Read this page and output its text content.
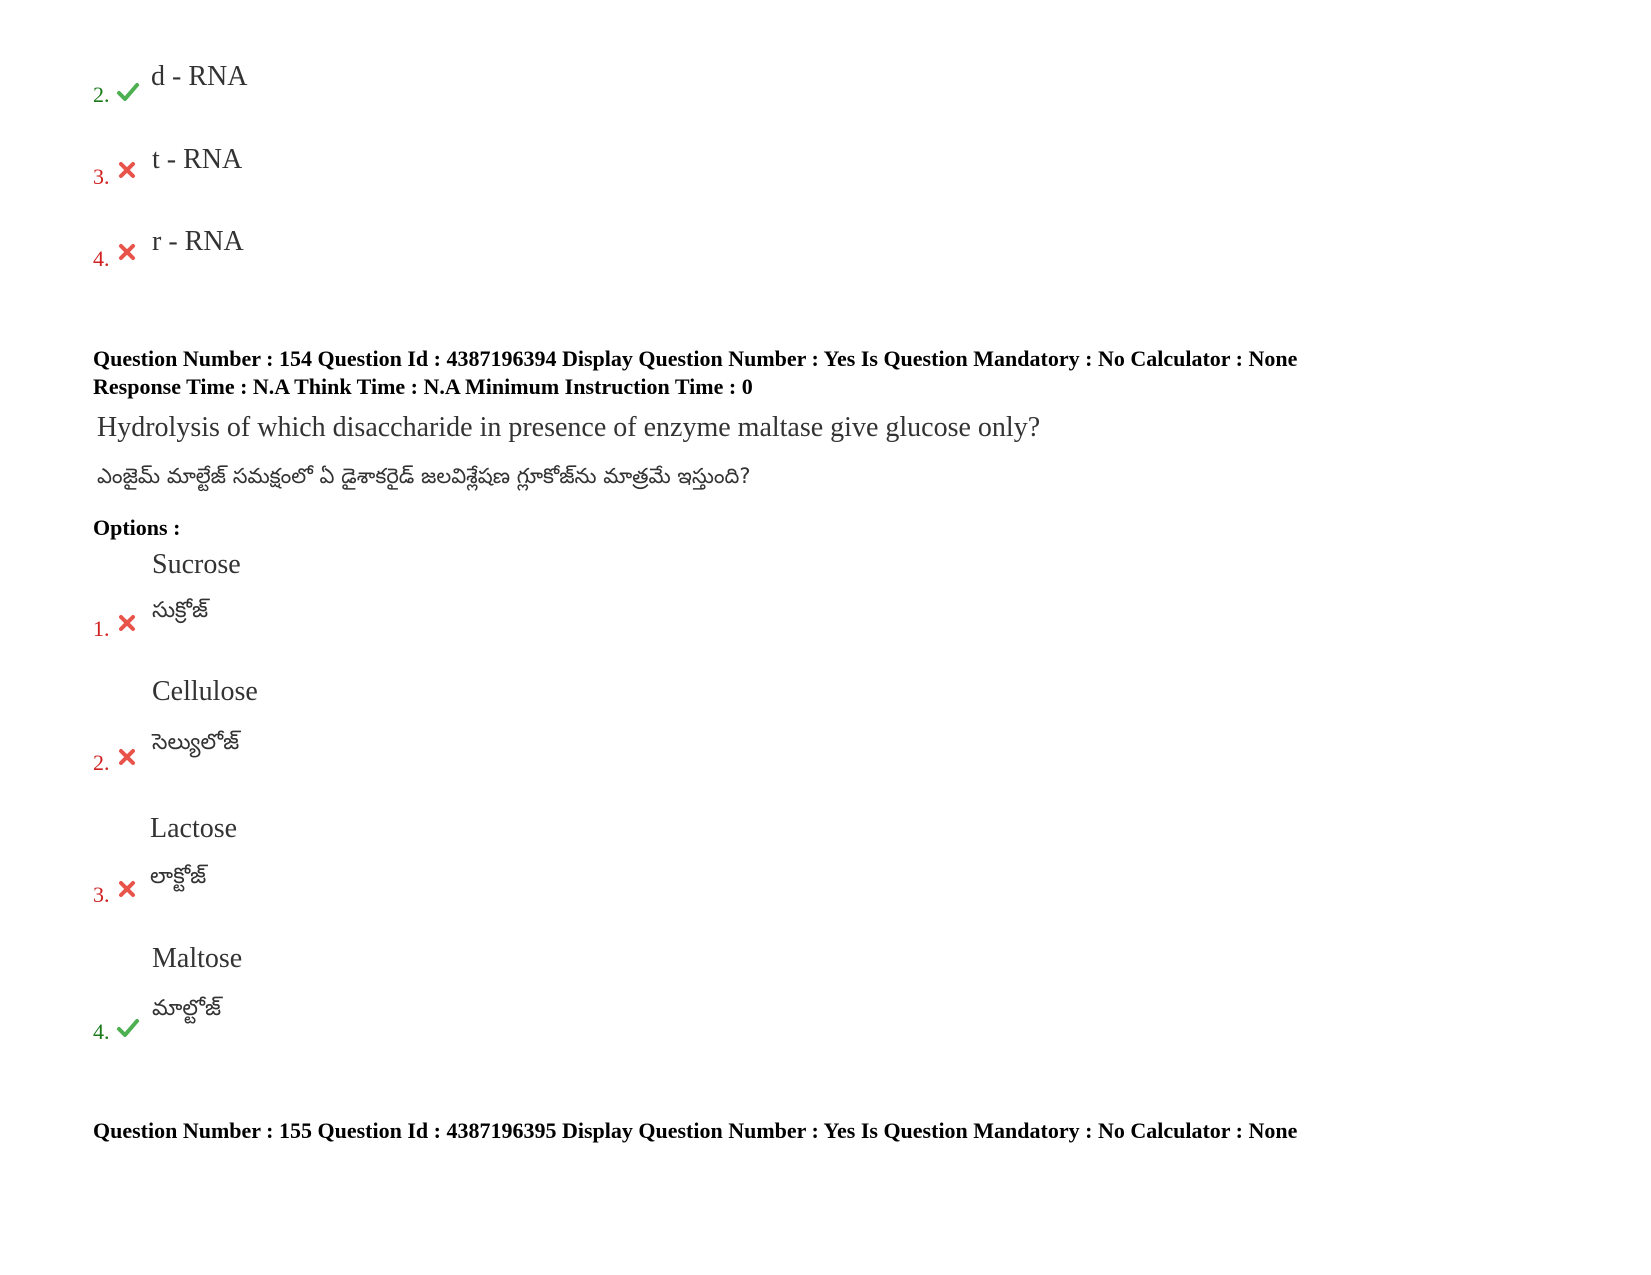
2.
d - RNA
3.
t - RNA
4.
r - RNA
Question Number : 154 Question Id : 4387196394 Display Question Number : Yes Is Question Mandatory : No Calculator : None
Response Time : N.A Think Time : N.A Minimum Instruction Time : 0
Hydrolysis of which disaccharide in presence of enzyme maltase give glucose only?
ఎంజైమ్ మాల్టేజ్ సమక్షంలో ఏ డైశాకరైడ్ జలవిశ్లేషణ గ్లూకోజ్‌ను మాత్రమే ఇస్తుంది?
Options :
Sucrose
సుక్రోజ్
1.
Cellulose
సెల్యులోజ్
2.
Lactose
లాక్టోజ్
3.
Maltose
మాల్టోజ్
4.
Question Number : 155 Question Id : 4387196395 Display Question Number : Yes Is Question Mandatory : No Calculator : None
